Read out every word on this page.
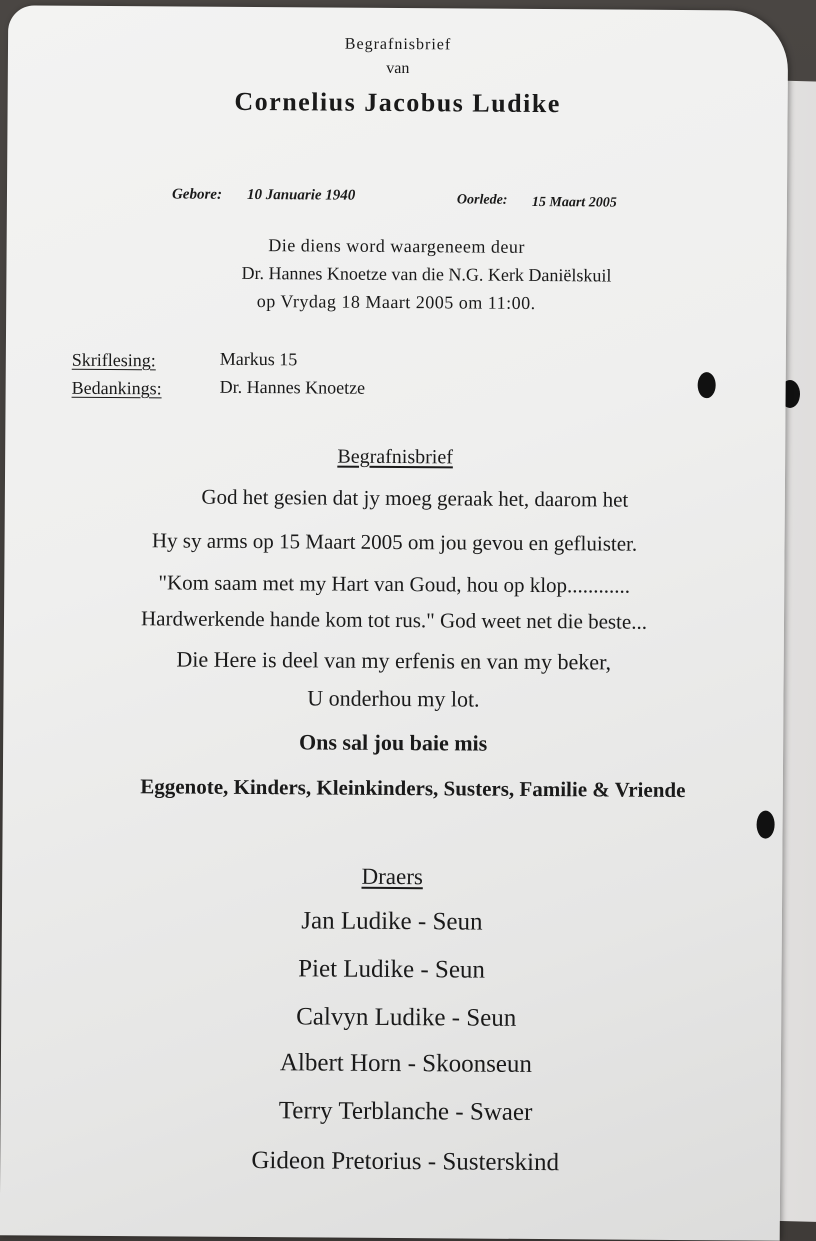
Begrafnisbrief
van
Cornelius Jacobus Ludike
Gebore: 10 Januarie 1940	Oorlede: 15 Maart 2005
Die diens word waargeneem deur
Dr. Hannes Knoetze van die N.G. Kerk Daniëlskuil
op Vrydag 18 Maart 2005 om 11:00.
Skriflesing:	Markus 15
Bedankings:	Dr. Hannes Knoetze
Begrafnisbrief
God het gesien dat jy moeg geraak het, daarom het
Hy sy arms op 15 Maart 2005 om jou gevou en gefluister.
"Kom saam met my Hart van Goud, hou op klop............
Hardwerkende hande kom tot rus." God weet net die beste...
Die Here is deel van my erfenis en van my beker,
U onderhou my lot.
Ons sal jou baie mis
Eggenote, Kinders, Kleinkinders, Susters, Familie & Vriende
Draers
Jan Ludike - Seun
Piet Ludike - Seun
Calvyn Ludike - Seun
Albert Horn - Skoonseun
Terry Terblanche - Swaer
Gideon Pretorius - Susterskind
